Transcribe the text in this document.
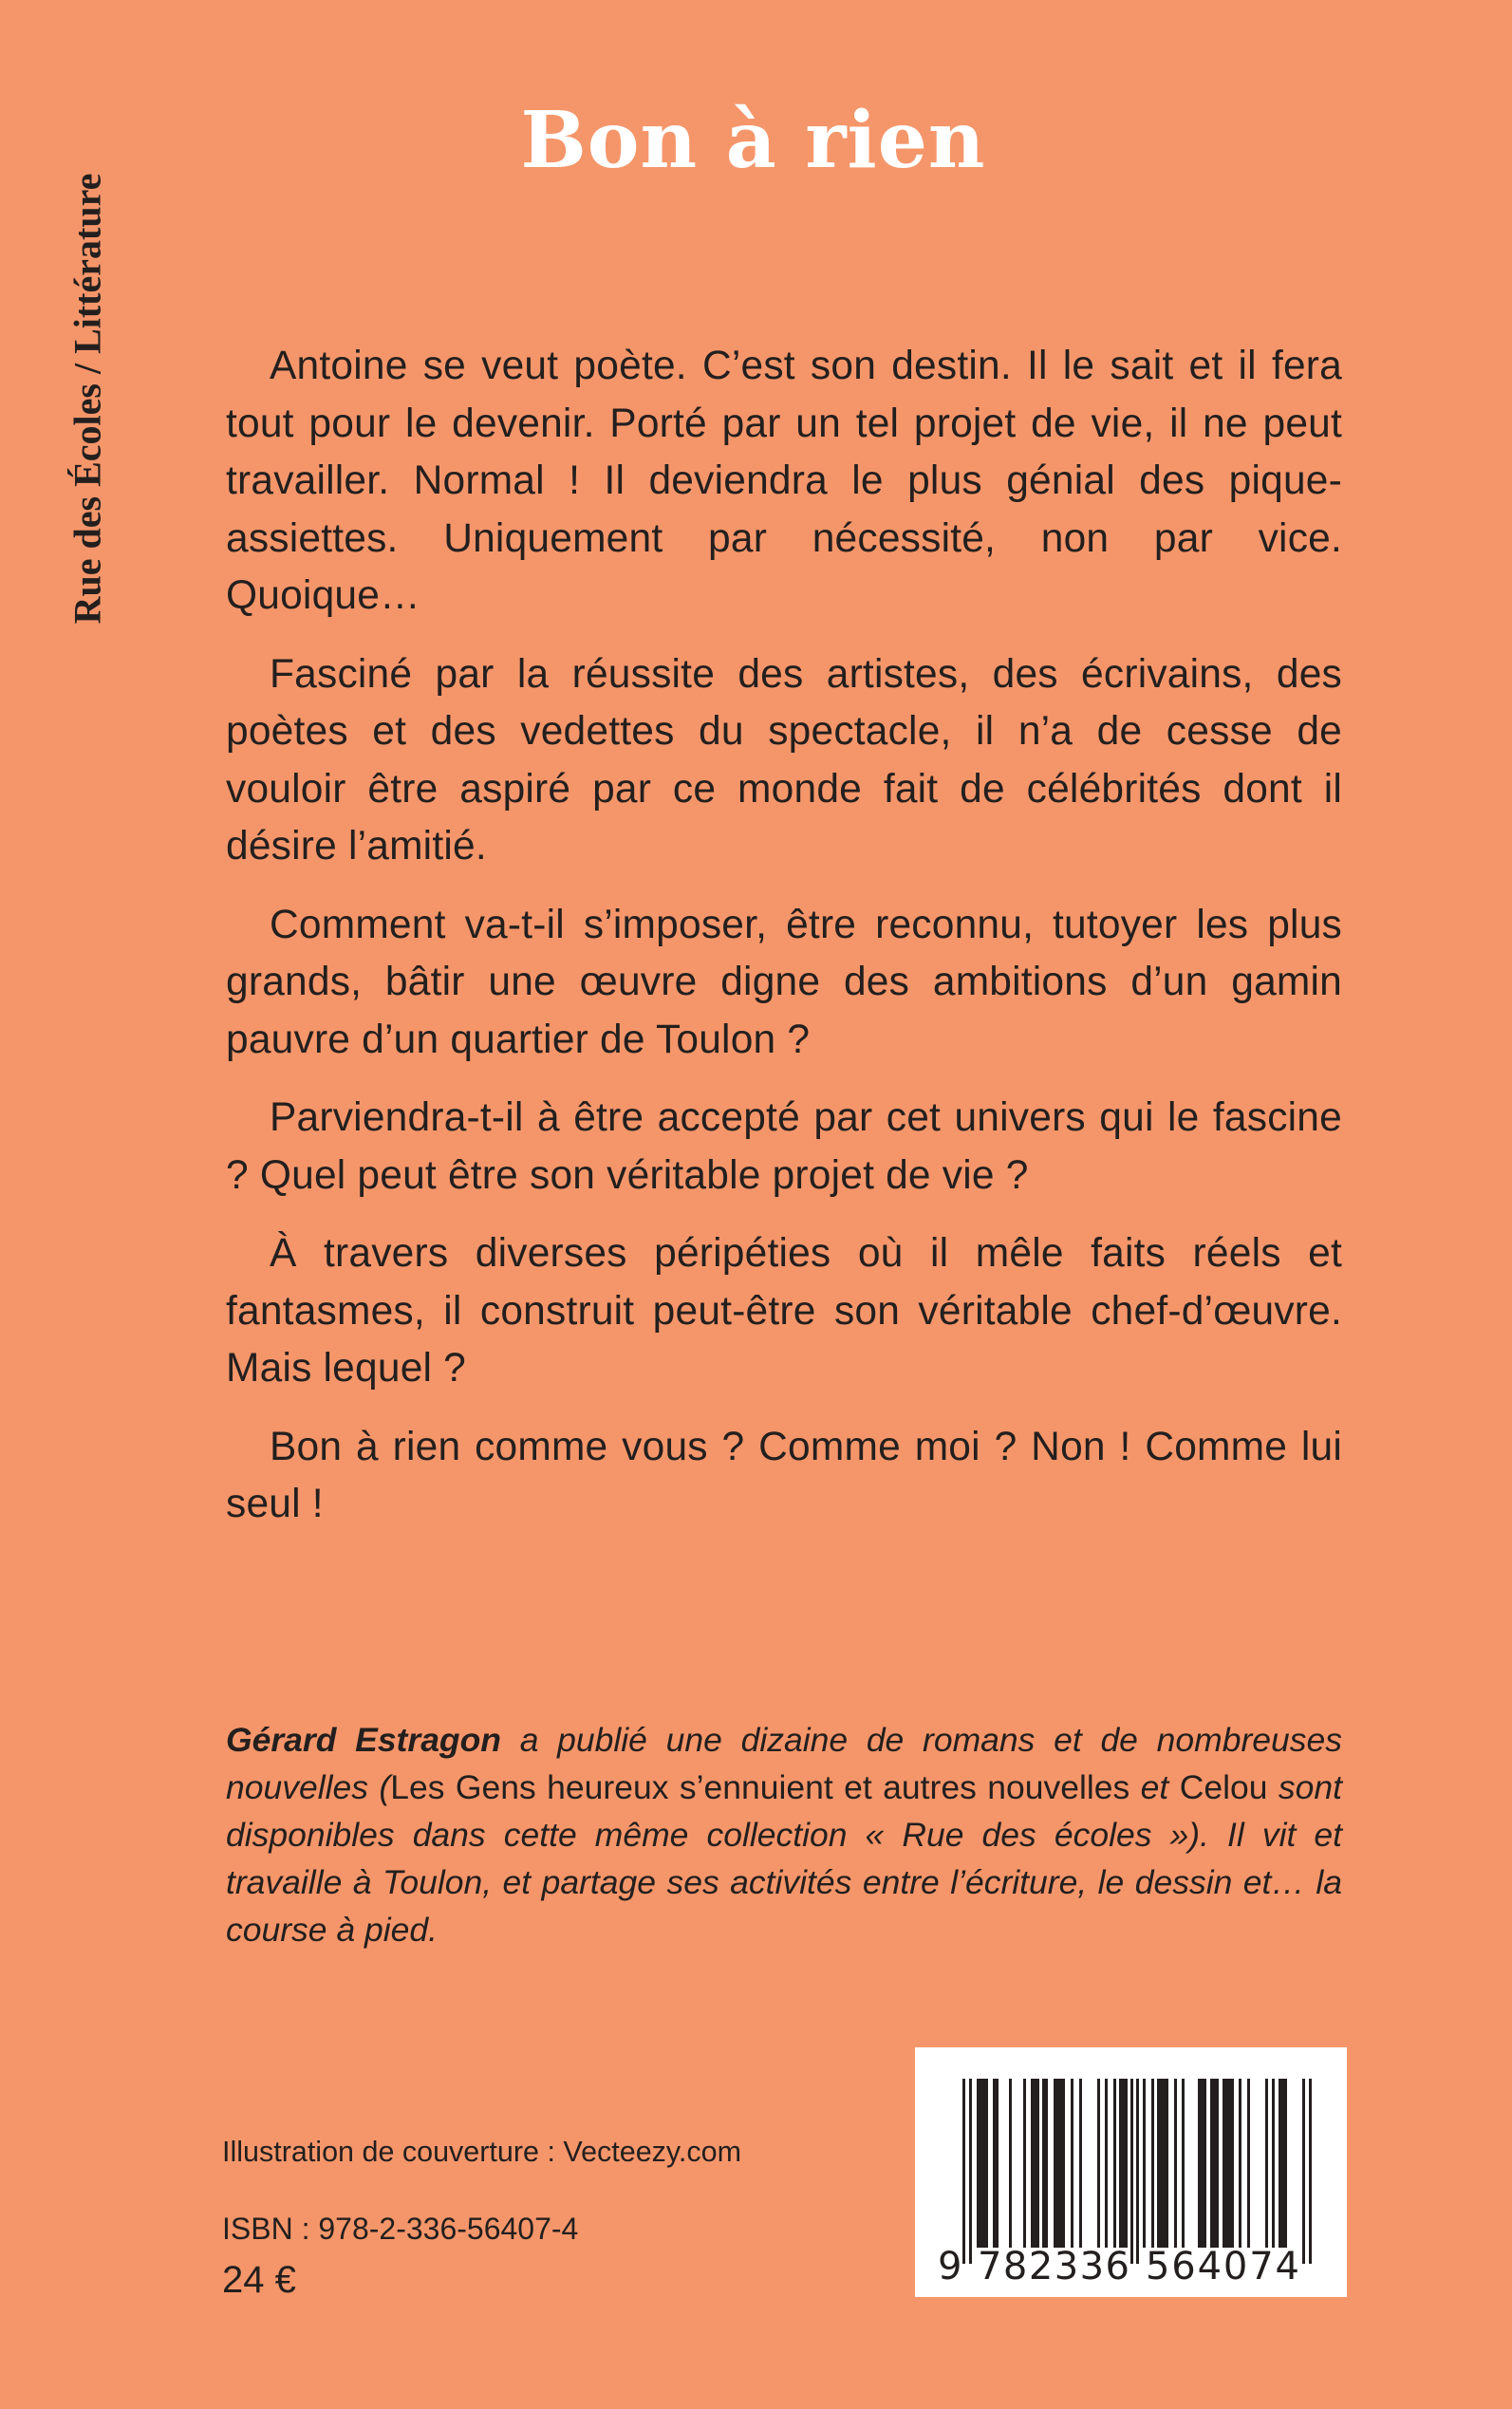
Rue des Écoles / Littérature
Bon à rien

Antoine se veut poète. C’est son destin. Il le sait et il fera tout pour le devenir. Porté par un tel projet de vie, il ne peut travailler. Normal ! Il deviendra le plus génial des pique-assiettes. Uniquement par nécessité, non par vice. Quoique…

Fasciné par la réussite des artistes, des écrivains, des poètes et des vedettes du spectacle, il n’a de cesse de vouloir être aspiré par ce monde fait de célébrités dont il désire l’amitié.

Comment va-t-il s’imposer, être reconnu, tutoyer les plus grands, bâtir une œuvre digne des ambitions d’un gamin pauvre d’un quartier de Toulon ?

Parviendra-t-il à être accepté par cet univers qui le fascine ? Quel peut être son véritable projet de vie ?

À travers diverses péripéties où il mêle faits réels et fantasmes, il construit peut-être son véritable chef-d’œuvre. Mais lequel ?

Bon à rien comme vous ? Comme moi ? Non ! Comme lui seul !

Gérard Estragon a publié une dizaine de romans et de nombreuses nouvelles (Les Gens heureux s’ennuient et autres nouvelles et Celou sont disponibles dans cette même collection « Rue des écoles »). Il vit et travaille à Toulon, et partage ses activités entre l’écriture, le dessin et… la course à pied.

Illustration de couverture : Vecteezy.com
ISBN : 978-2-336-56407-4
24 €	9 782336 564074
